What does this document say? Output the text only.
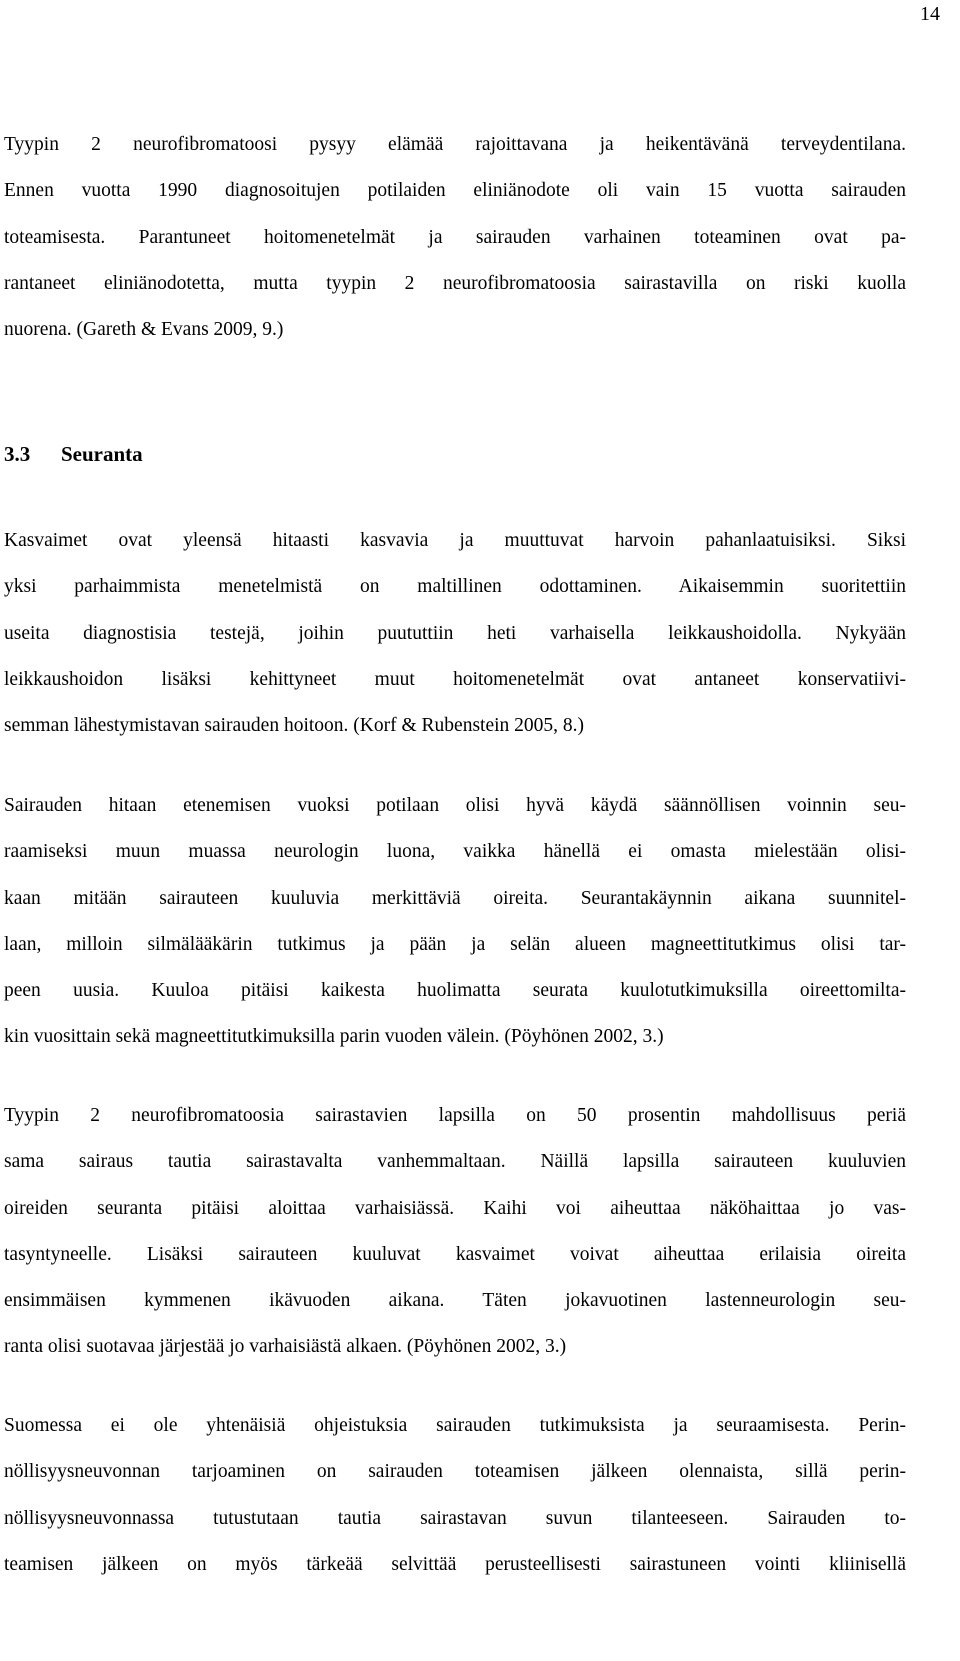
14
Tyypin 2 neurofibromatoosi pysyy elämää rajoittavana ja heikentävänä terveydentilana.
Ennen vuotta 1990 diagnosoitujen potilaiden eliniänodote oli vain 15 vuotta sairauden
toteamisesta. Parantuneet hoitomenetelmät ja sairauden varhainen toteaminen ovat pa-
rantaneet eliniänodotetta, mutta tyypin 2 neurofibromatoosia sairastavilla on riski kuolla
nuorena. (Gareth & Evans 2009, 9.)
3.3 Seuranta
Kasvaimet ovat yleensä hitaasti kasvavia ja muuttuvat harvoin pahanlaatuisiksi. Siksi
yksi parhaimmista menetelmistä on maltillinen odottaminen. Aikaisemmin suoritettiin
useita diagnostisia testejä, joihin puututtiin heti varhaisella leikkaushoidolla. Nykyään
leikkaushoidon lisäksi kehittyneet muut hoitomenetelmät ovat antaneet konservatiivi-
semman lähestymistavan sairauden hoitoon. (Korf & Rubenstein 2005, 8.)
Sairauden hitaan etenemisen vuoksi potilaan olisi hyvä käydä säännöllisen voinnin seu-
raamiseksi muun muassa neurologin luona, vaikka hänellä ei omasta mielestään olisi-
kaan mitään sairauteen kuuluvia merkittäviä oireita. Seurantakäynnin aikana suunnitel-
laan, milloin silmälääkärin tutkimus ja pään ja selän alueen magneettitutkimus olisi tar-
peen uusia. Kuuloa pitäisi kaikesta huolimatta seurata kuulotutkimuksilla oireettomilta-
kin vuosittain sekä magneettitutkimuksilla parin vuoden välein. (Pöyhönen 2002, 3.)
Tyypin 2 neurofibromatoosia sairastavien lapsilla on 50 prosentin mahdollisuus periä
sama sairaus tautia sairastavalta vanhemmaltaan. Näillä lapsilla sairauteen kuuluvien
oireiden seuranta pitäisi aloittaa varhaisiässä. Kaihi voi aiheuttaa näköhaittaa jo vas-
tasyntyneelle. Lisäksi sairauteen kuuluvat kasvaimet voivat aiheuttaa erilaisia oireita
ensimmäisen kymmenen ikävuoden aikana. Täten jokavuotinen lastenneurologin seu-
ranta olisi suotavaa järjestää jo varhaisiästä alkaen. (Pöyhönen 2002, 3.)
Suomessa ei ole yhtenäisiä ohjeistuksia sairauden tutkimuksista ja seuraamisesta. Perin-
nöllisyysneuvonnan tarjoaminen on sairauden toteamisen jälkeen olennaista, sillä perin-
nöllisyysneuvonnassa tutustutaan tautia sairastavan suvun tilanteeseen. Sairauden to-
teamisen jälkeen on myös tärkeää selvittää perusteellisesti sairastuneen vointi kliinisellä
